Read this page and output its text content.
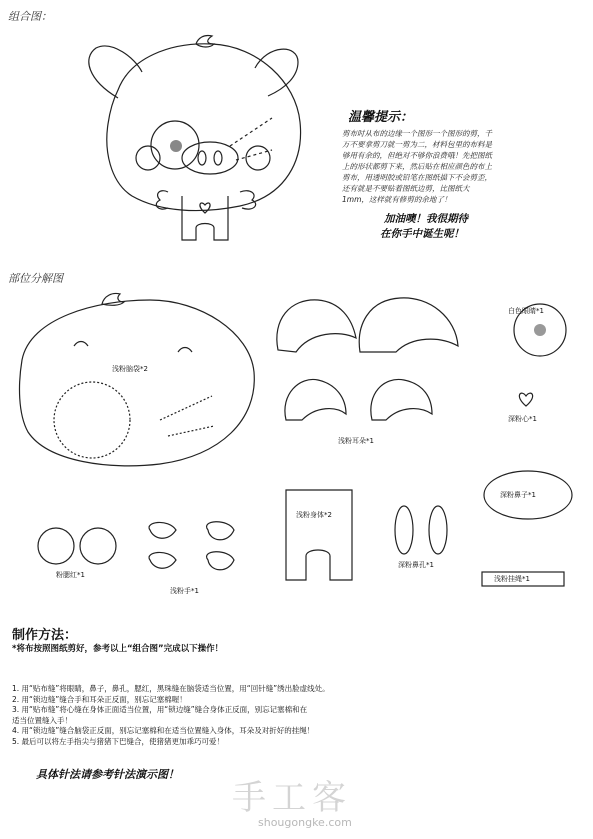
组合图：
部位分解图
温馨提示：
剪布时从布的边缘一个图形一个图形的剪，千万不要拿剪刀就一剪为二，材料包里的布料是够用有余的，但绝对不够你浪费哦！先把图纸上的形状都剪下来，然后贴在相应颜色的布上剪布，用透明胶或铅笔在图纸描下不会剪歪，还有就是不要贴着图纸边剪，比图纸大1mm，这样就有修剪的余地了！
加油噢！我很期待
在你手中诞生呢！
浅粉脑袋*2
白色眼睛*1
深粉心*1
浅粉耳朵*1
深粉鼻子*1
浅粉身体*2
粉腮红*1
浅粉手*1
深粉鼻孔*1
浅粉挂绳*1
制作方法：
*将布按照图纸剪好，参考以上“组合图”完成以下操作！
1. 用“贴布缝”将眼睛，鼻子，鼻孔，腮红，黑珠缝在脑袋适当位置，用“回针缝”绣出脸虚线处。
2. 用“锁边缝”缝合手和耳朵正反面，别忘记塞棉喔！
3. 用“贴布缝”将心缝在身体正面适当位置，用“锁边缝”缝合身体正反面，别忘记塞棉和在
适当位置缝入手！
4. 用“锁边缝”缝合脑袋正反面，别忘记塞棉和在适当位置缝入身体，耳朵及对折好的挂绳！
5. 最后可以将左手指尖与猪猪下巴缝合，使猪猪更加乖巧可爱！
具体针法请参考针法演示图！
手工客
shougongke.com
